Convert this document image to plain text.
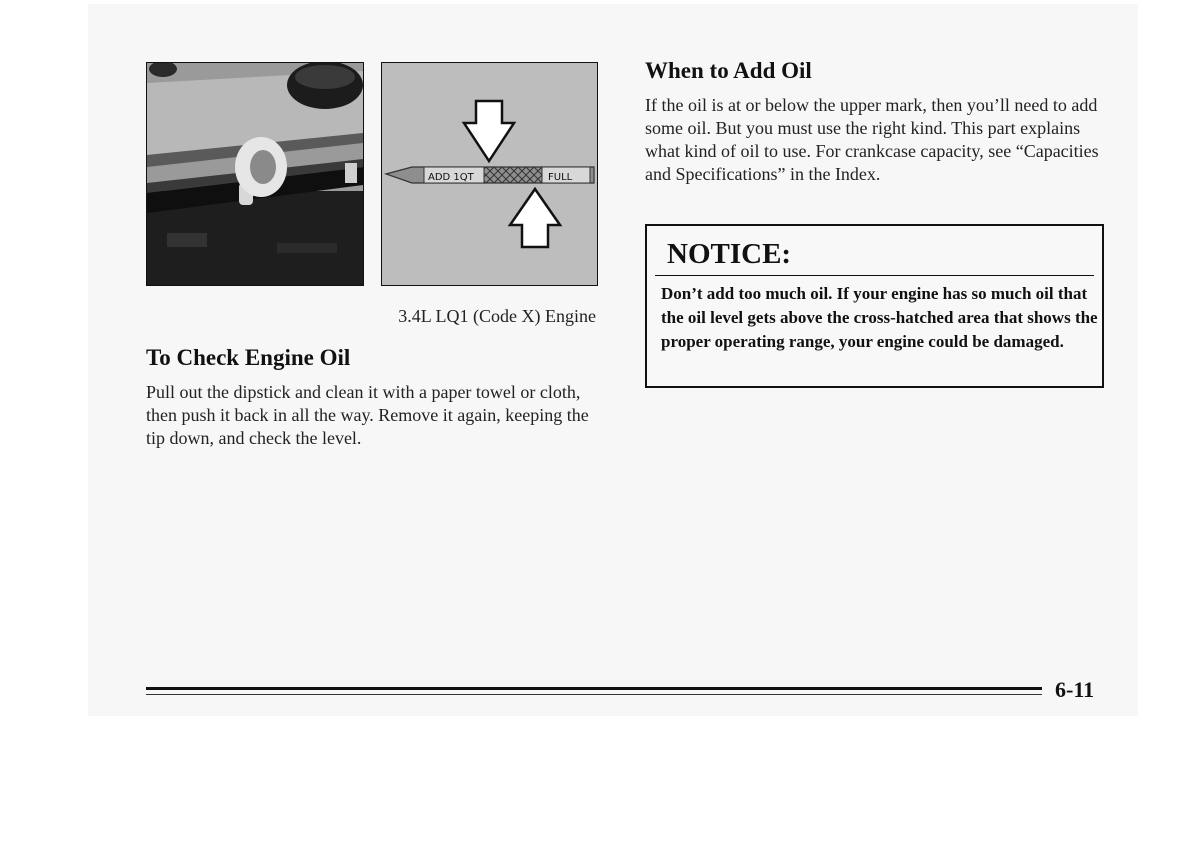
ADD 1QT	FULL
3.4L LQ1 (Code X) Engine
To Check Engine Oil

Pull out the dipstick and clean it with a paper towel or cloth, then push it back in all the way. Remove it again, keeping the tip down, and check the level.

When to Add Oil

If the oil is at or below the upper mark, then you’ll need to add some oil. But you must use the right kind. This part explains what kind of oil to use. For crankcase capacity, see “Capacities and Specifications” in the Index.

NOTICE:

Don’t add too much oil. If your engine has so much oil that the oil level gets above the cross-hatched area that shows the proper operating range, your engine could be damaged.

6-11
